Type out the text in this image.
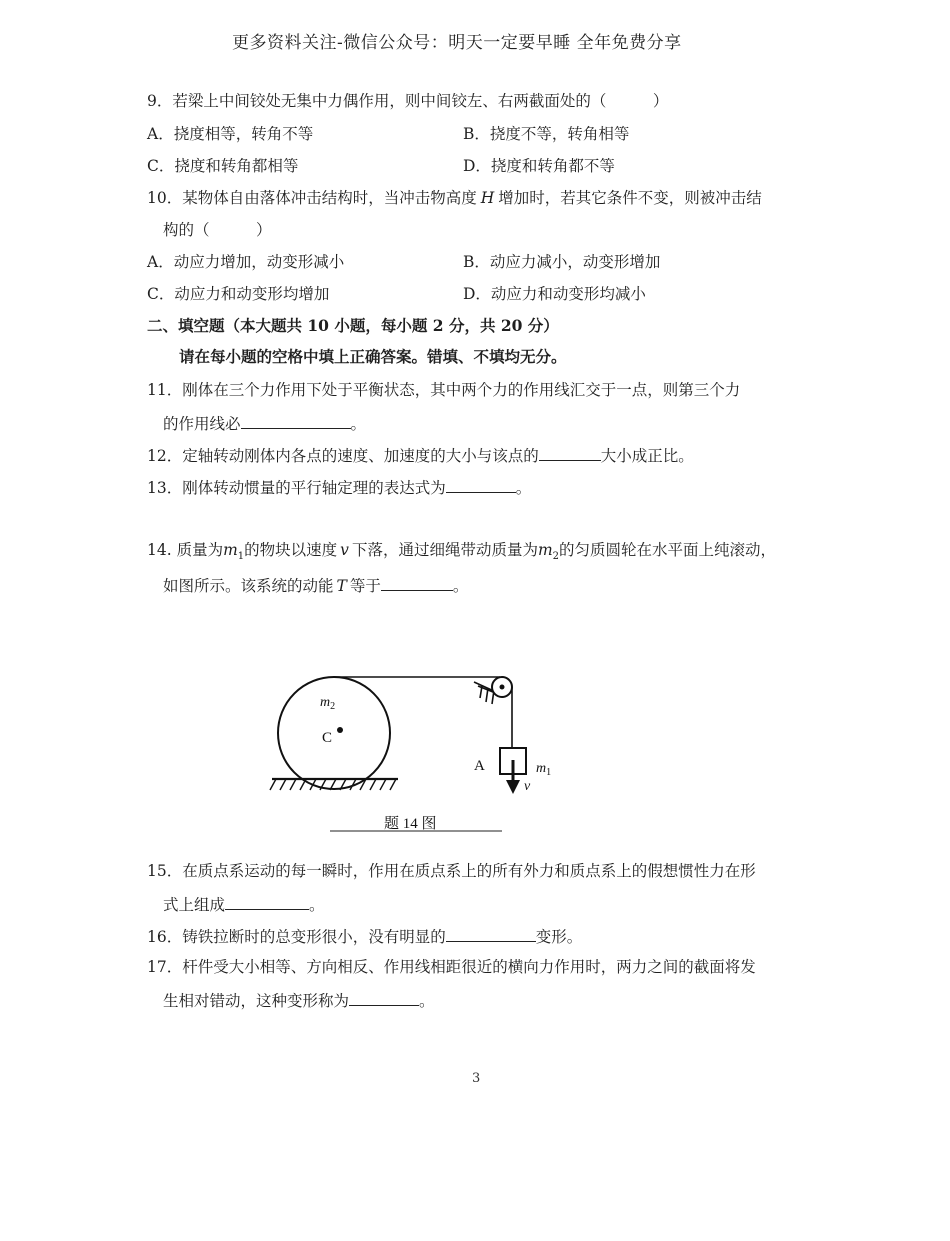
更多资料关注-微信公众号：明天一定要早睡 全年免费分享
9．若梁上中间铰处无集中力偶作用，则中间铰左、右两截面处的（　　　）
A．挠度相等，转角不等	B．挠度不等，转角相等
C．挠度和转角都相等	D．挠度和转角都不等
10．某物体自由落体冲击结构时，当冲击物高度 H 增加时，若其它条件不变，则被冲击结
构的（　　　）
A．动应力增加，动变形减小	B．动应力减小，动变形增加
C．动应力和动变形均增加	D．动应力和动变形均减小
二、填空题（本大题共 10 小题，每小题 2 分，共 20 分）
请在每小题的空格中填上正确答案。错填、不填均无分。
11．刚体在三个力作用下处于平衡状态，其中两个力的作用线汇交于一点，则第三个力
的作用线必	。
12．定轴转动刚体内各点的速度、加速度的大小与该点的	大小成正比。
13．刚体转动惯量的平行轴定理的表达式为	。
14. 质量为$m_1$的物块以速度 v 下落，通过细绳带动质量为$m_2$的匀质圆轮在水平面上纯滚动，
如图所示。该系统的动能 T 等于	。
$m_2$
C
A	$m_1$
v
题 14 图
15．在质点系运动的每一瞬时，作用在质点系上的所有外力和质点系上的假想惯性力在形
式上组成	。
16．铸铁拉断时的总变形很小，没有明显的	变形。
17．杆件受大小相等、方向相反、作用线相距很近的横向力作用时，两力之间的截面将发
生相对错动，这种变形称为	。
3
